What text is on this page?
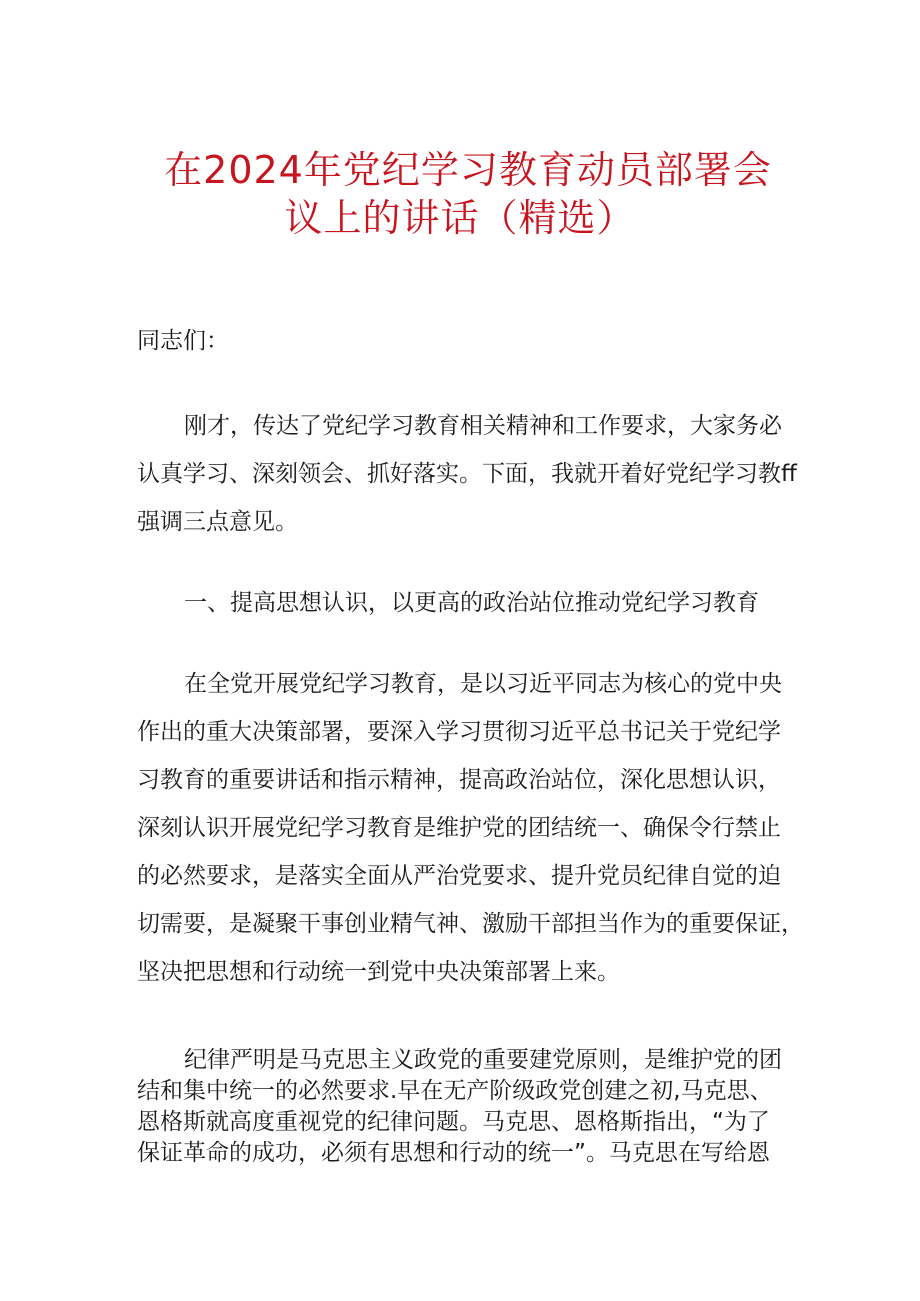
在2024年党纪学习教育动员部署会
议上的讲话（精选）
同志们：
刚才，传达了党纪学习教育相关精神和工作要求，大家务必
认真学习、深刻领会、抓好落实。下面，我就开着好党纪学习教ff
强调三点意见。
一、提高思想认识，以更高的政治站位推动党纪学习教育
在全党开展党纪学习教育，是以习近平同志为核心的党中央
作出的重大决策部署，要深入学习贯彻习近平总书记关于党纪学
习教育的重要讲话和指示精神，提高政治站位，深化思想认识，
深刻认识开展党纪学习教育是维护党的团结统一、确保令行禁止
的必然要求，是落实全面从严治党要求、提升党员纪律自觉的迫
切需要，是凝聚干事创业精气神、激励干部担当作为的重要保证，
坚决把思想和行动统一到党中央决策部署上来。
纪律严明是马克思主义政党的重要建党原则，是维护党的团
结和集中统一的必然要求.早在无产阶级政党创建之初,马克思、
恩格斯就高度重视党的纪律问题。马克思、恩格斯指出，“为了
保证革命的成功，必须有思想和行动的统一”。马克思在写给恩
